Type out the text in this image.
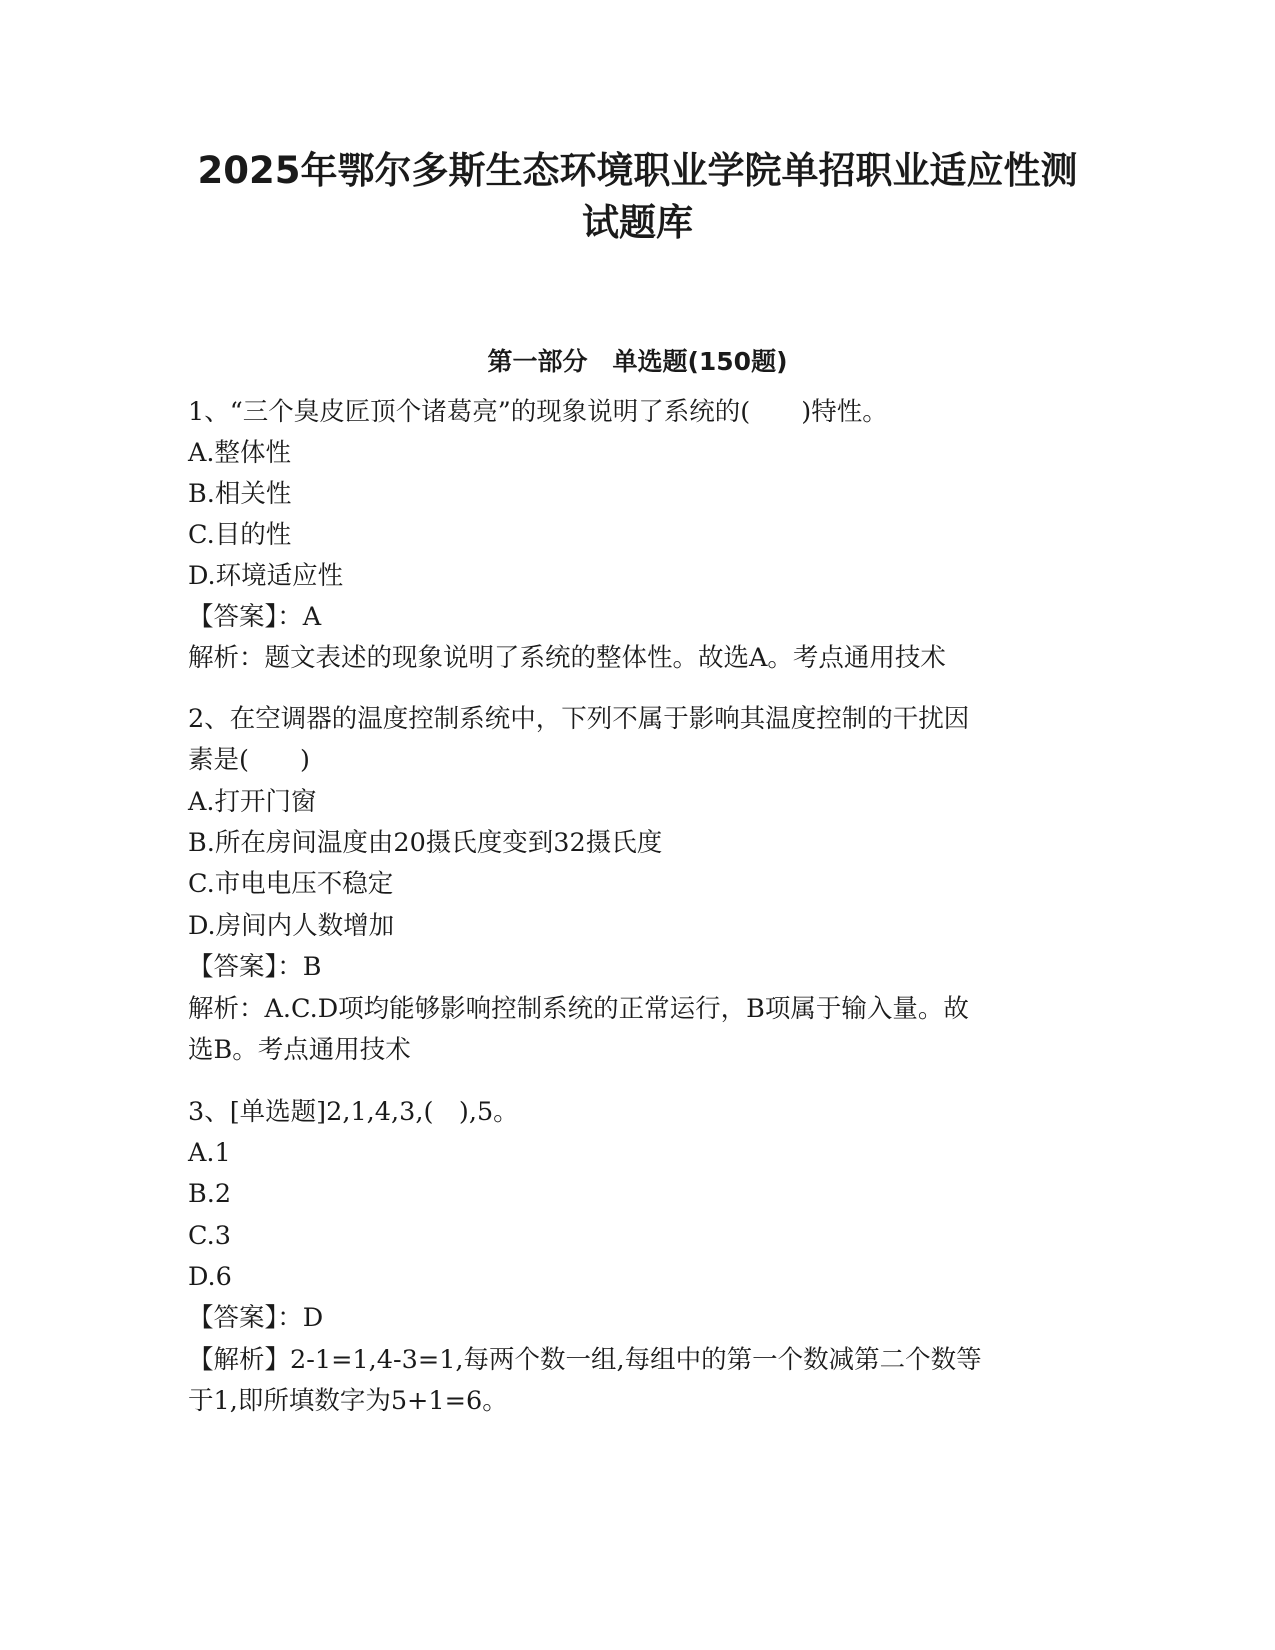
2025年鄂尔多斯生态环境职业学院单招职业适应性测
试题库
第一部分　单选题(150题)

1、“三个臭皮匠顶个诸葛亮”的现象说明了系统的(　　)特性。

A.整体性

B.相关性

C.目的性

D.环境适应性

【答案】：A

解析：题文表述的现象说明了系统的整体性。故选A。考点通用技术

2、在空调器的温度控制系统中，下列不属于影响其温度控制的干扰因

素是(　　)

A.打开门窗

B.所在房间温度由20摄氏度变到32摄氏度

C.市电电压不稳定

D.房间内人数增加

【答案】：B

解析：A.C.D项均能够影响控制系统的正常运行，B项属于输入量。故

选B。考点通用技术

3、[单选题]2,1,4,3,(　),5。

A.1

B.2

C.3

D.6

【答案】：D

【解析】2-1=1,4-3=1,每两个数一组,每组中的第一个数减第二个数等

于1,即所填数字为5+1=6。
